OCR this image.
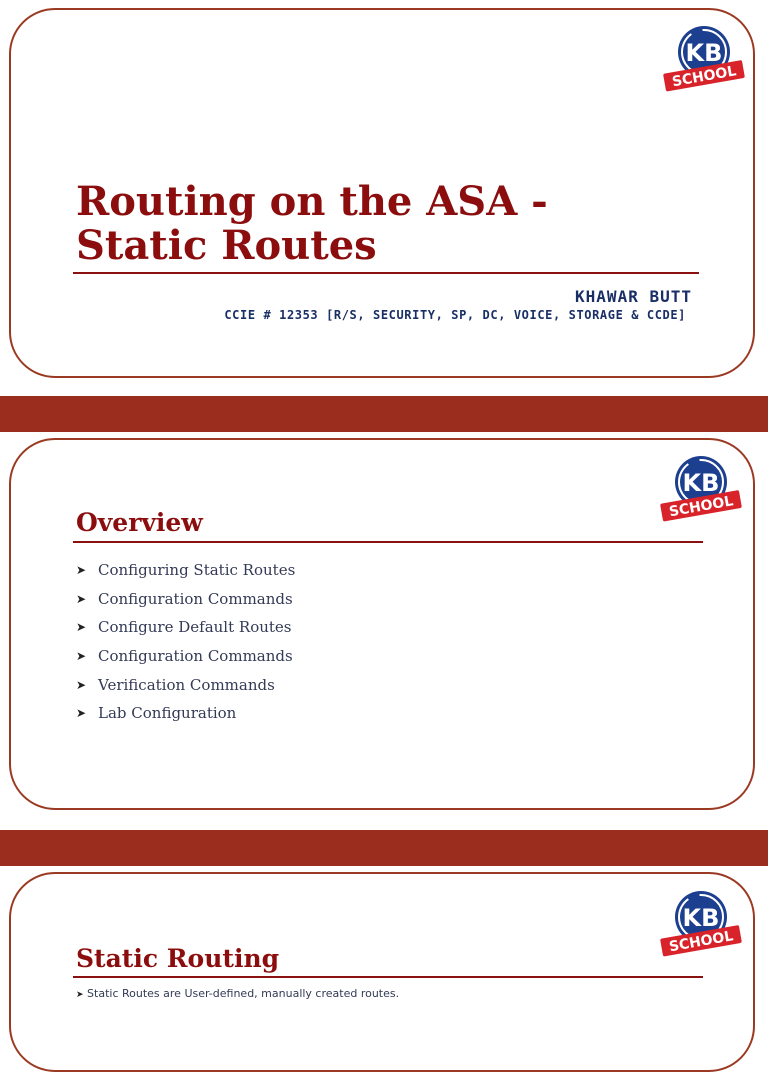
KB
SCHOOL
Routing on the ASA -
Static Routes
KHAWAR BUTT
CCIE # 12353 [R/S, SECURITY, SP, DC, VOICE, STORAGE & CCDE]
KB
SCHOOL
Overview
➤ Configuring Static Routes
➤ Configuration Commands
➤ Configure Default Routes
➤ Configuration Commands
➤ Verification Commands
➤ Lab Configuration
KB
SCHOOL
Static Routing
➤ Static Routes are User-defined, manually created routes.
